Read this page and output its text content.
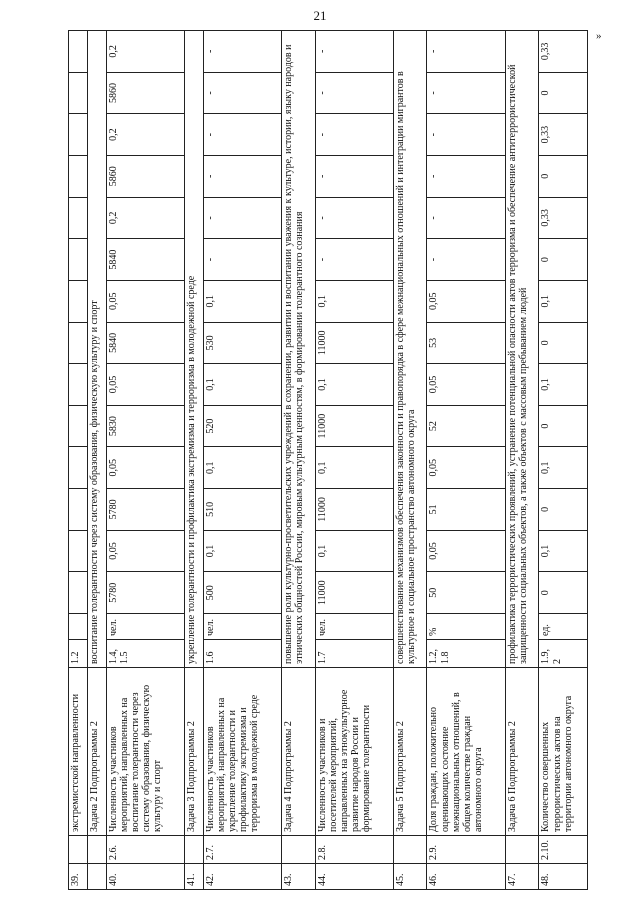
21
»
39.		экстремистской направленности	1.2															
		Задача 2 Подпрограммы 2	воспитание толерантности через систему образования, физическую культуру и спорт															
40.	2.6.	Численность участников мероприятий, направленных на воспитание толерантности через систему образования, физическую культуру и спорт	1.4, 1.5	чел.	5780	0,05	5780	0,05	5830	0,05	5840	0,05	5840	0,2	5860	0,2	5860	0,2
41.		Задача 3 Подпрограммы 2	укрепление толерантности и профилактика экстремизма и терроризма в молодежной среде															
42.	2.7.	Численность участников мероприятий, направленных на укрепление толерантности и профилактику экстремизма и терроризма в молодежной среде	1.6	чел.	500	0,1	510	0,1	520	0,1	530	0,1	-	-	-	-	-	-
43.		Задача 4 Подпрограммы 2	повышение роли культурно-просветительских учреждений в сохранении, развитии и воспитании уважения к культуре, истории, языку народов и этнических общностей России, мировым культурным ценностям, в формировании толерантного сознания															
44.	2.8.	Численность участников и посетителей мероприятий, направленных на этнокультурное развитие народов России и формирование толерантности	1.7	чел.	11000	0,1	11000	0,1	11000	0,1	11000	0,1	-	-	-	-	-	-
45.		Задача 5 Подпрограммы 2	совершенствование механизмов обеспечения законности и правопорядка в сфере межнациональных отношений и интеграции мигрантов в культурное и социальное пространство автономного округа															
46.	2.9.	Доля граждан, положительно оценивающих состояние межнациональных отношений, в общем количестве граждан автономного округа	1.2, 1.8	%	50	0,05	51	0,05	52	0,05	53	0,05	-	-	-	-	-	-
47.		Задача 6 Подпрограммы 2	профилактика террористических проявлений, устранение потенциальной опасности актов терроризма и обеспечение антитеррористической защищенности социальных объектов, а также объектов с массовым пребыванием людей															
48.	2.10.	Количество совершенных террористических актов на территории автономного округа	1.9, 2	ед.	0	0,1	0	0,1	0	0,1	0	0,1	0	0,33	0	0,33	0	0,33
